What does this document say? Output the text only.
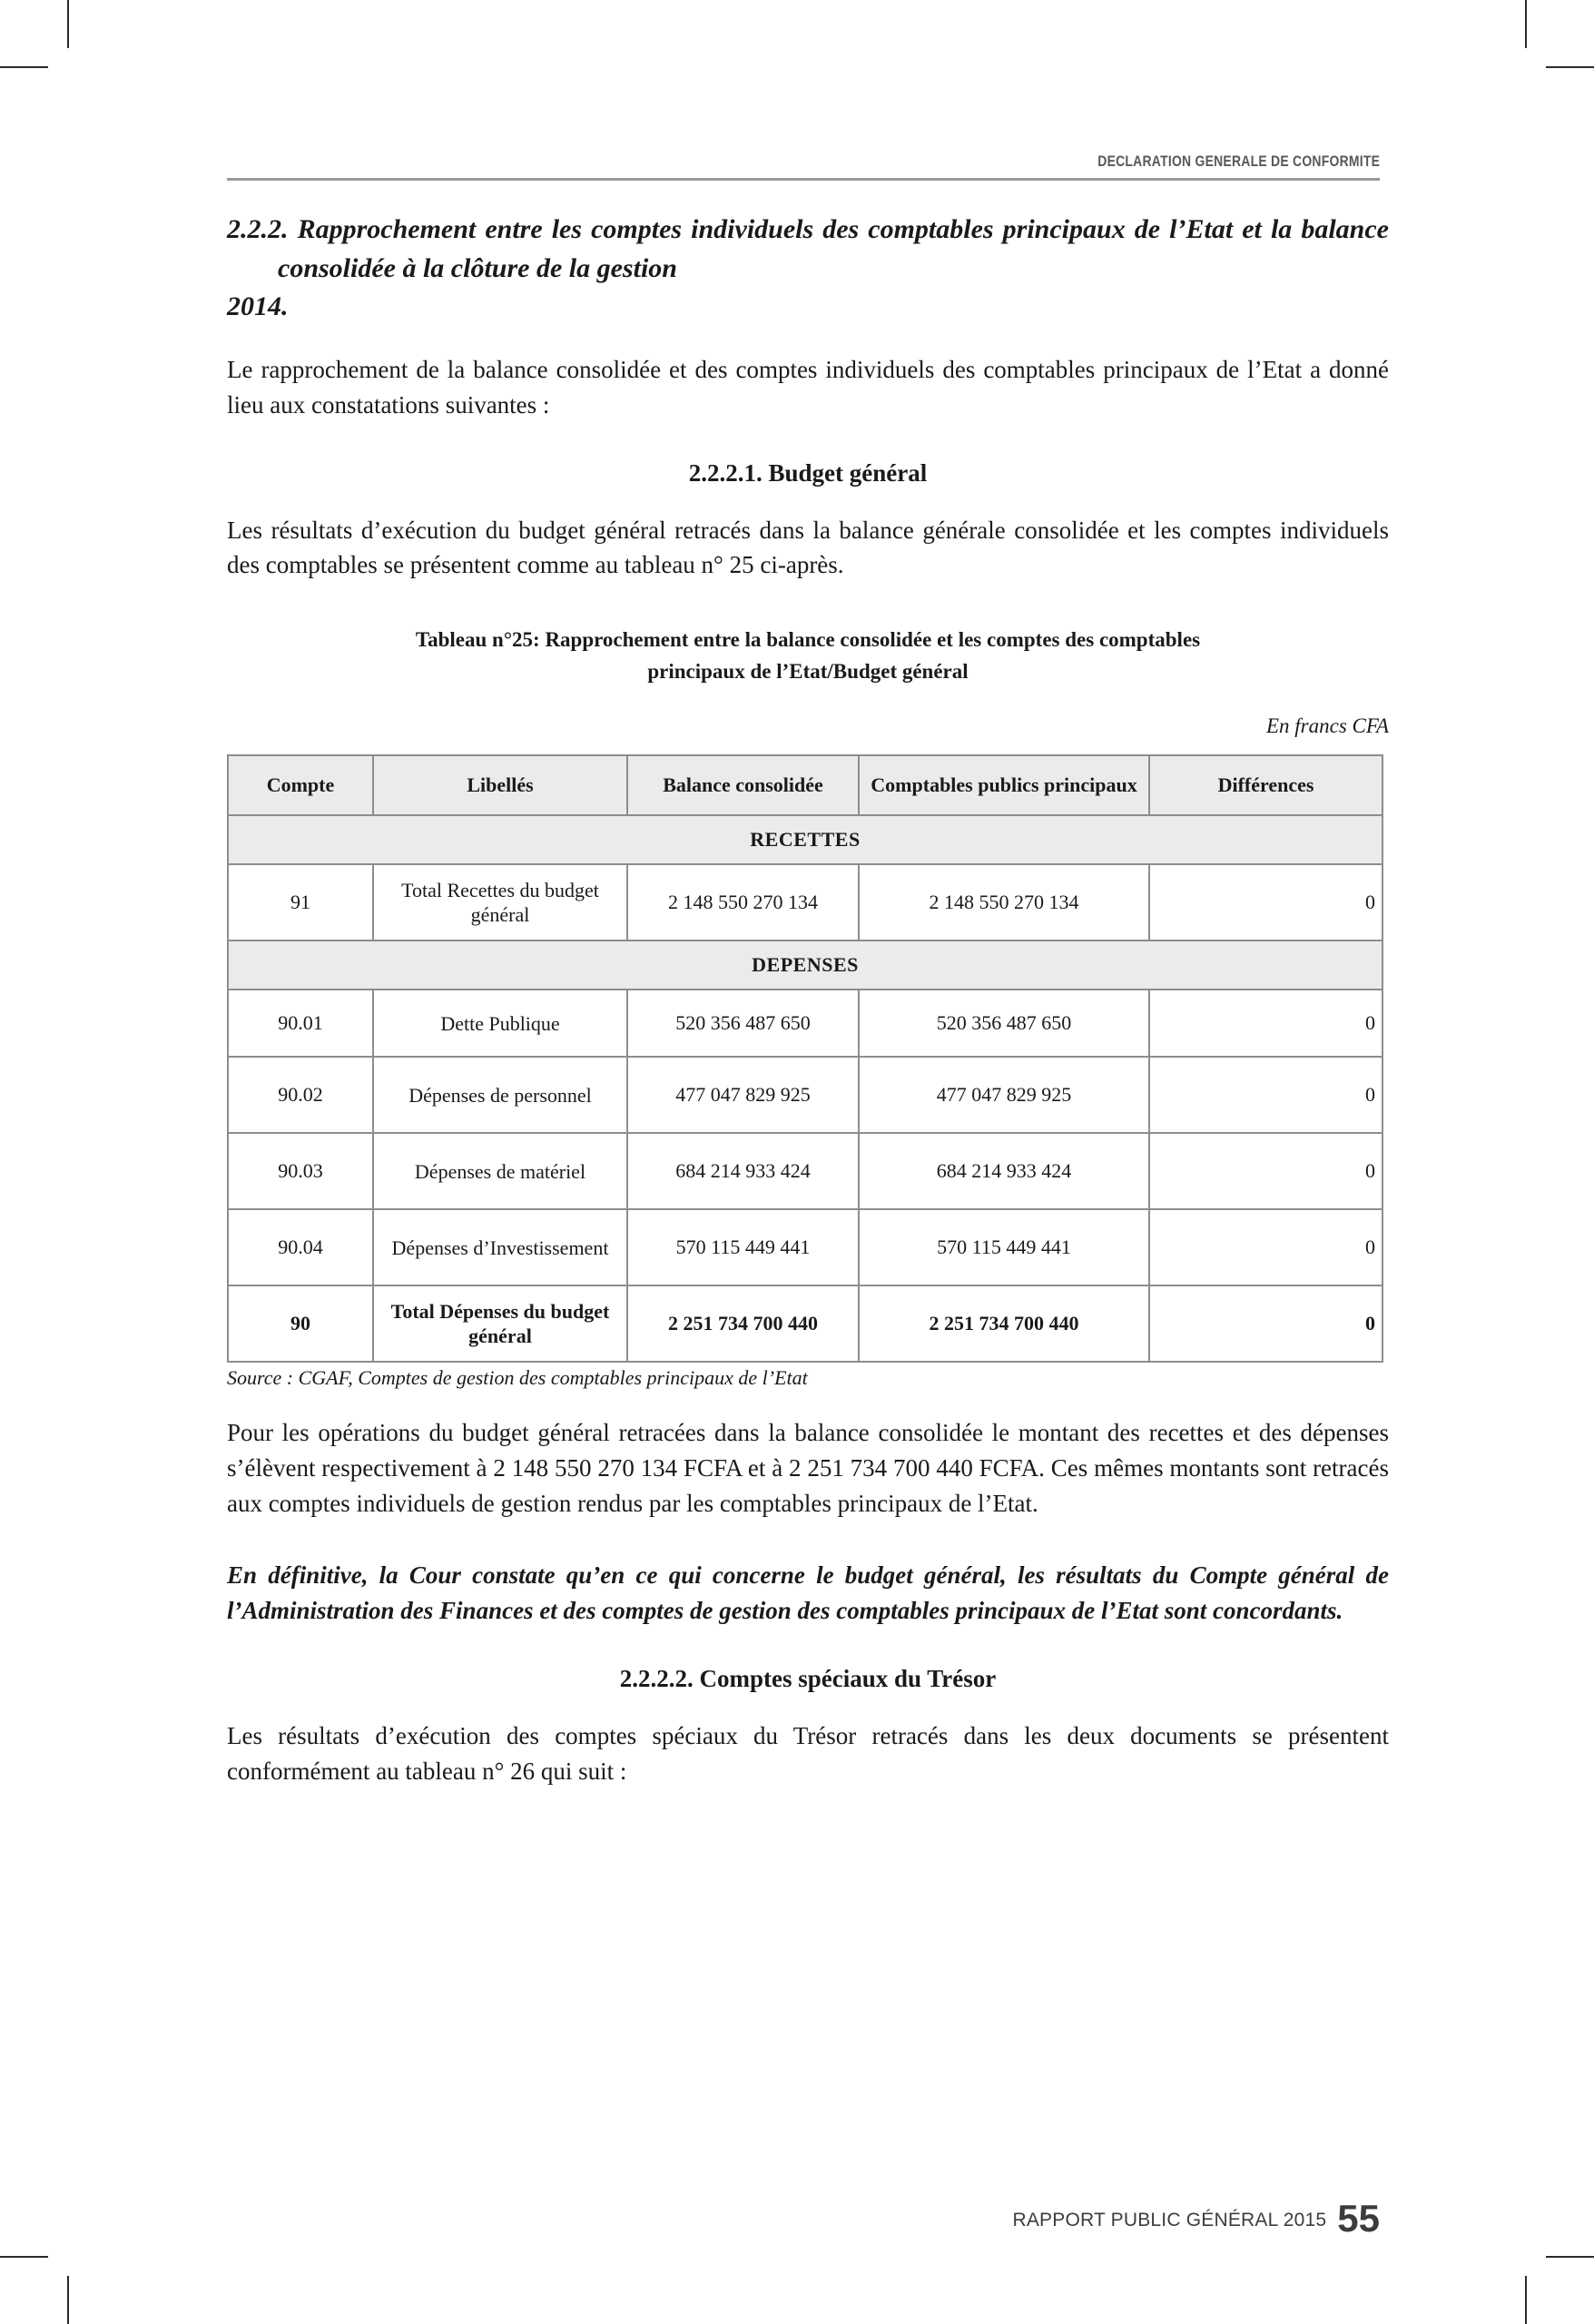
DECLARATION GENERALE DE CONFORMITE
2.2.2. Rapprochement entre les comptes individuels des comptables principaux de l’Etat et la balance consolidée à la clôture de la gestion
2014.

Le rapprochement de la balance consolidée et des comptes individuels des comptables principaux de l’Etat a donné lieu aux constatations suivantes :

2.2.2.1. Budget général

Les résultats d’exécution du budget général retracés dans la balance générale consolidée et les comptes individuels des comptables se présentent comme au tableau n° 25 ci-après.

Tableau n°25: Rapprochement entre la balance consolidée et les comptes des comptables
principaux de l’Etat/Budget général
En francs CFA
Compte	Libellés	Balance consolidée	Comptables publics principaux	Différences
RECETTES				
91	Total Recettes du budget général	2 148 550 270 134	2 148 550 270 134	0
DEPENSES				
90.01	Dette Publique	520 356 487 650	520 356 487 650	0
90.02	Dépenses de personnel	477 047 829 925	477 047 829 925	0
90.03	Dépenses de matériel	684 214 933 424	684 214 933 424	0
90.04	Dépenses d’Investissement	570 115 449 441	570 115 449 441	0
90	Total Dépenses du budget général	2 251 734 700 440	2 251 734 700 440	0
Source : CGAF, Comptes de gestion des comptables principaux de l’Etat

Pour les opérations du budget général retracées dans la balance consolidée le montant des recettes et des dépenses s’élèvent respectivement à 2 148 550 270 134 FCFA et à 2 251 734 700 440 FCFA. Ces mêmes montants sont retracés aux comptes individuels de gestion rendus par les comptables principaux de l’Etat.

En définitive, la Cour constate qu’en ce qui concerne le budget général, les résultats du Compte général de l’Administration des Finances et des comptes de gestion des comptables principaux de l’Etat sont concordants.

2.2.2.2. Comptes spéciaux du Trésor

Les résultats d’exécution des comptes spéciaux du Trésor retracés dans les deux documents se présentent conformément au tableau n° 26 qui suit :

RAPPORT PUBLIC GÉNÉRAL 2015 55
